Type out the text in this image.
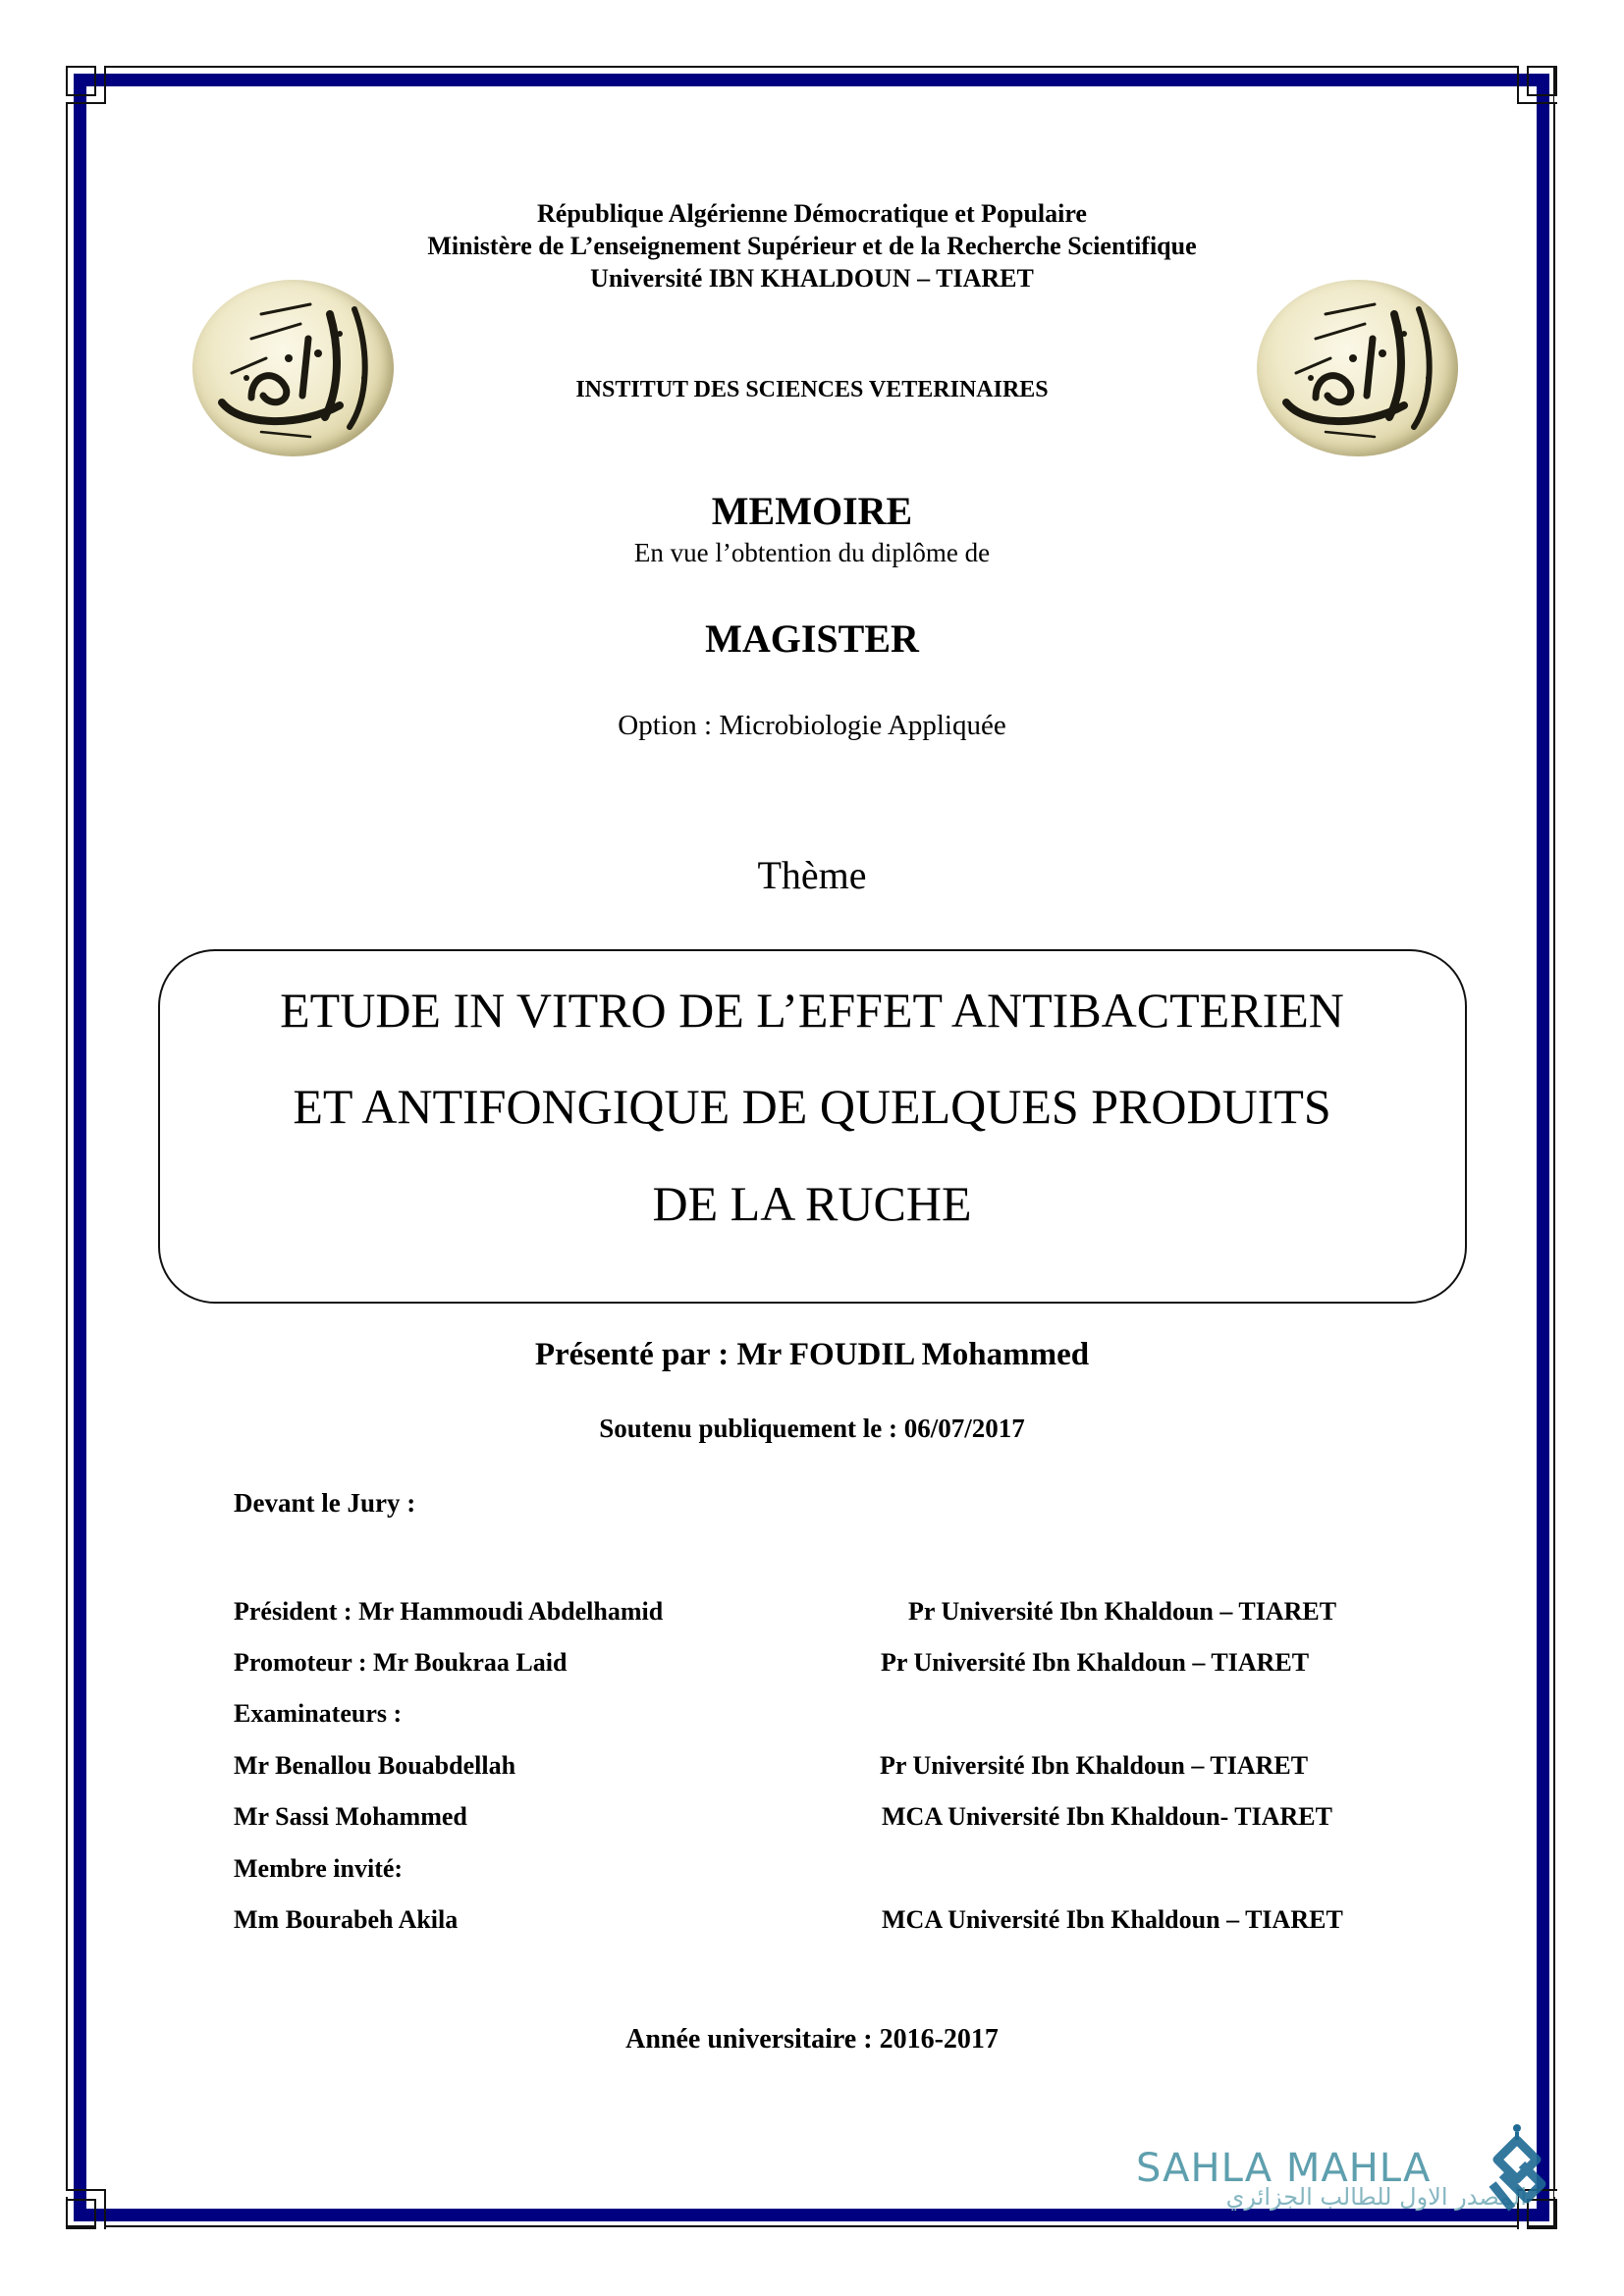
République Algérienne Démocratique et Populaire
Ministère de L’enseignement Supérieur et de la Recherche Scientifique
Université IBN KHALDOUN – TIARET
INSTITUT DES SCIENCES VETERINAIRES
MEMOIRE
En vue l’obtention du diplôme de
MAGISTER
Option : Microbiologie Appliquée
Thème
ETUDE IN VITRO DE L’EFFET ANTIBACTERIEN
ET ANTIFONGIQUE DE QUELQUES PRODUITS
DE LA RUCHE
Présenté par : Mr FOUDIL Mohammed
Soutenu publiquement le : 06/07/2017
Devant le Jury :
Président : Mr Hammoudi Abdelhamid	Pr Université Ibn Khaldoun – TIARET
Promoteur : Mr Boukraa Laid	Pr Université Ibn Khaldoun – TIARET
Examinateurs :
Mr Benallou Bouabdellah	Pr Université Ibn Khaldoun – TIARET
Mr Sassi Mohammed	MCA Université Ibn Khaldoun- TIARET
Membre invité:
Mm Bourabeh Akila	MCA Université Ibn Khaldoun – TIARET
Année universitaire : 2016-2017
SAHLA MAHLA
المصدر الاول للطالب الجزائري
